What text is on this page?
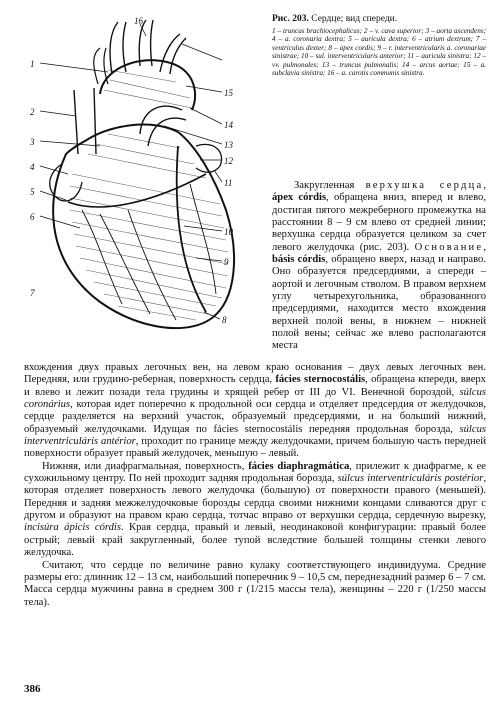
1
2
3
4
5
6
7
8
9
10
11
12
13
14
15
16	Рис. 203. Сердце; вид спереди.
1 – truncus brachiocephalicus; 2 – v. cava superior; 3 – aorta ascendens; 4 – a. coronaria dextra; 5 – auricula dextra; 6 – atrium dextrum; 7 – ventriculus dexter; 8 – apex cordis; 9 – r. interventricularis a. coronariae sinistrae; 10 – sul. interventricularis anterior; 11 – auricula sinistra; 12 – vv. pulmonales; 13 – truncus pulmonalis; 14 – arcus aortae; 15 – a. subclavia sinistra; 16 – a. carotis communis sinistra.

Закругленная верхушка сердца, ápex córdis, обращена вниз, вперед и влево, достигая пятого межреберного промежутка на расстоянии 8 – 9 см влево от средней линии; верхушка сердца образуется целиком за счет левого желудочка (рис. 203). Основание, básis córdis, обращено вверх, назад и направо. Оно образуется предсердиями, а спереди – аортой и легочным стволом. В правом верхнем углу четырехугольника, образованного предсердиями, находится место вхождения верхней полой вены, в нижнем – нижней полой вены; сейчас же влево располагаются места

вхождения двух правых легочных вен, на левом краю основания – двух левых легочных вен. Передняя, или грудино-реберная, поверхность сердца, fácies sternocostális, обращена кпереди, вверх и влево и лежит позади тела грудины и хрящей ребер от III до VI. Венечной бороздой, súlcus coronárius, которая идет поперечно к продольной оси сердца и отделяет предсердия от желудочков, сердце разделяется на верхний участок, образуемый предсердиями, и на больший нижний, образуемый желудочками. Идущая по fácies sternocostális передняя продольная борозда, súlcus interventriculáris antérior, проходит по границе между желудочками, причем большую часть передней поверхности образует правый желудочек, меньшую – левый.

Нижняя, или диафрагмальная, поверхность, fácies diaphragmática, прилежит к диафрагме, к ее сухожильному центру. По ней проходит задняя продольная борозда, súlcus interventriculáris postérior, которая отделяет поверхность левого желудочка (большую) от поверхности правого (меньшей). Передняя и задняя межжелудочковые борозды сердца своими нижними концами сливаются друг с другом и образуют на правом краю сердца, тотчас вправо от верхушки сердца, сердечную вырезку, incisúra ápicis córdis. Края сердца, правый и левый, неодинаковой конфигурации: правый более острый; левый край закругленный, более тупой вследствие большей толщины стенки левого желудочка.

Считают, что сердце по величине равно кулаку соответствующего индивидуума. Средние размеры его: длинник 12 – 13 см, наибольший поперечник 9 – 10,5 см, переднезадний размер 6 – 7 см. Масса сердца мужчины равна в среднем 300 г (1/215 массы тела), женщины – 220 г (1/250 массы тела).

386
